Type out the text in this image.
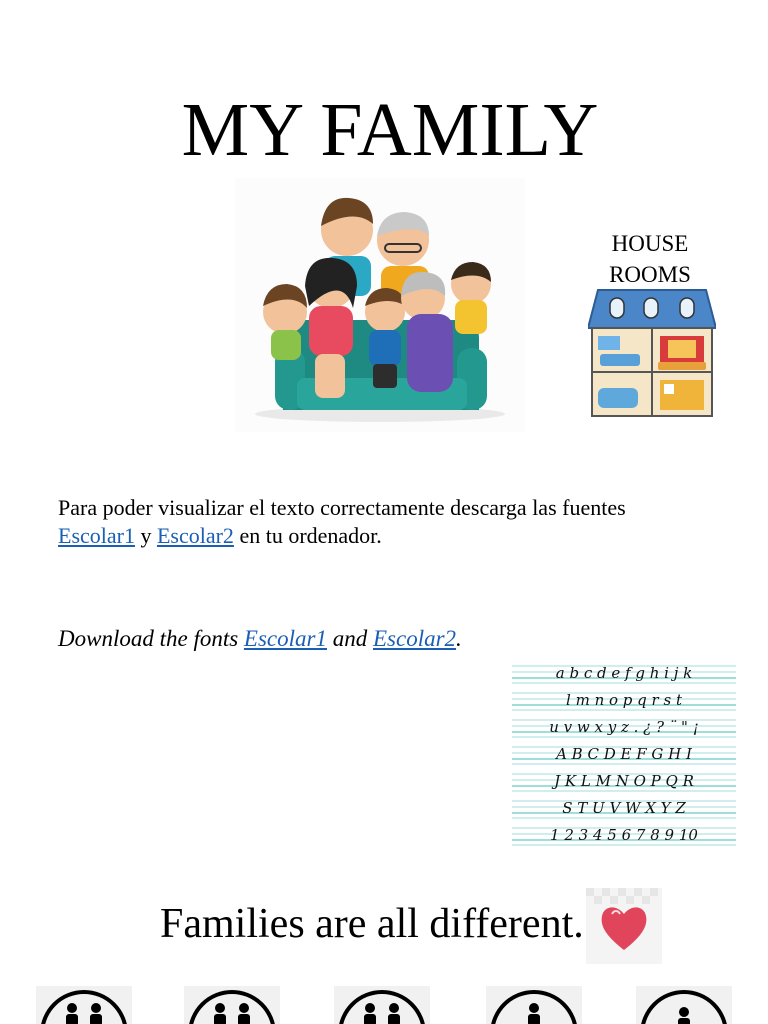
MY FAMILY
HOUSE
ROOMS

Para poder visualizar el texto correctamente descarga las fuentes Escolar1 y Escolar2 en tu ordenador.

Download the fonts Escolar1 and Escolar2.

a b c d e f g h i j k
l m n o p q r s t
u v w x y z . ¿ ? ¨ " ¡
A B C D E F G H I
J K L M N O P Q R
S T U V W X Y Z
1 2 3 4 5 6 7 8 9 10
Families are all different.
